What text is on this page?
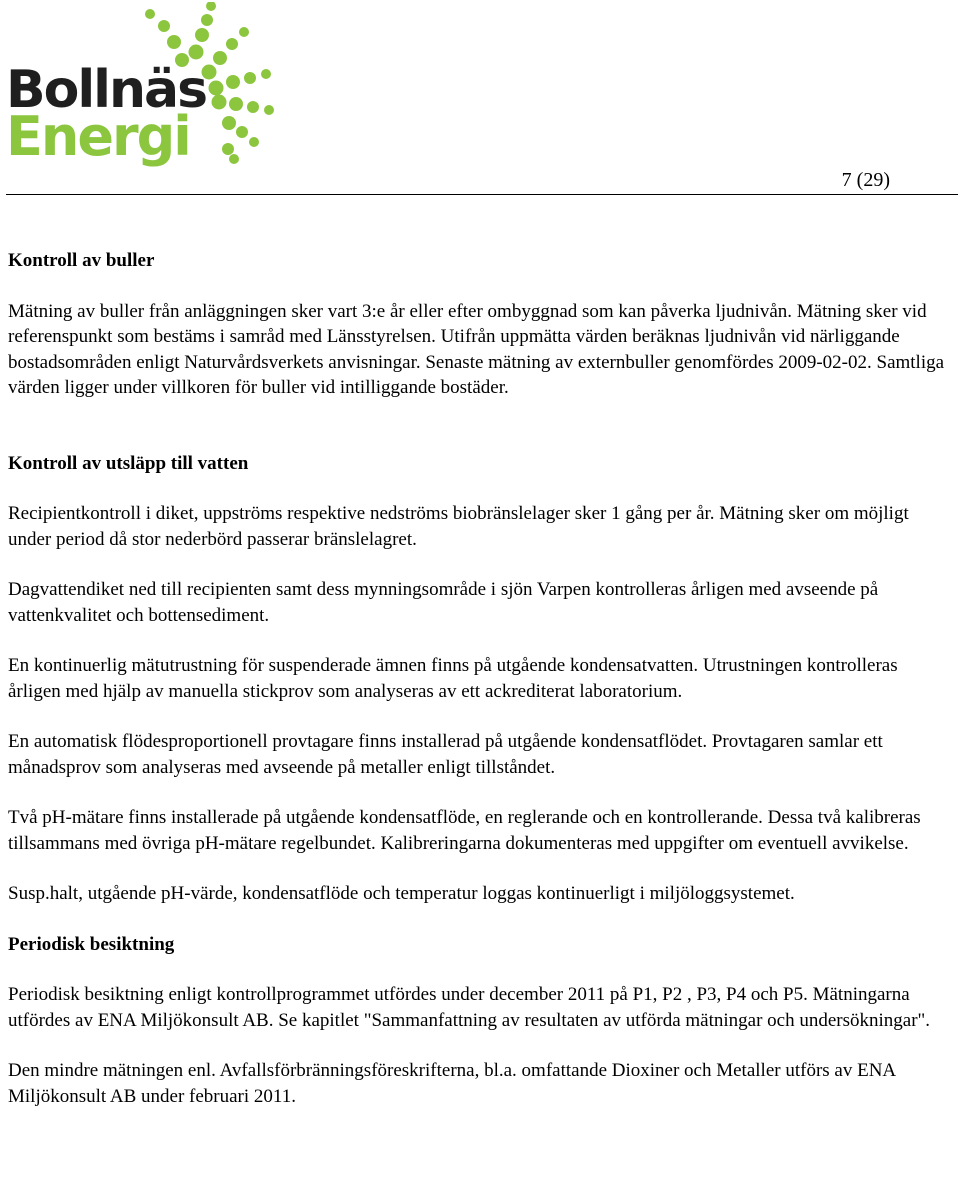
Bollnäs
Energi
7 (29)
Kontroll av buller

Mätning av buller från anläggningen sker vart 3:e år eller efter ombyggnad som kan påverka ljudnivån. Mätning sker vid referenspunkt som bestäms i samråd med Länsstyrelsen. Utifrån uppmätta värden beräknas ljudnivån vid närliggande bostadsområden enligt Naturvårdsverkets anvisningar. Senaste mätning av externbuller genomfördes 2009-02-02. Samtliga värden ligger under villkoren för buller vid intilliggande bostäder.

Kontroll av utsläpp till vatten

Recipientkontroll i diket, uppströms respektive nedströms biobränslelager sker 1 gång per år. Mätning sker om möjligt under period då stor nederbörd passerar bränslelagret.

Dagvattendiket ned till recipienten samt dess mynningsområde i sjön Varpen kontrolleras årligen med avseende på vattenkvalitet och bottensediment.

En kontinuerlig mätutrustning för suspenderade ämnen finns på utgående kondensatvatten. Utrustningen kontrolleras årligen med hjälp av manuella stickprov som analyseras av ett ackrediterat laboratorium.

En automatisk flödesproportionell provtagare finns installerad på utgående kondensatflödet. Provtagaren samlar ett månadsprov som analyseras med avseende på metaller enligt tillståndet.

Två pH-mätare finns installerade på utgående kondensatflöde, en reglerande och en kontrollerande. Dessa två kalibreras tillsammans med övriga pH-mätare regelbundet. Kalibreringarna dokumenteras med uppgifter om eventuell avvikelse.

Susp.halt, utgående pH-värde, kondensatflöde och temperatur loggas kontinuerligt i miljöloggsystemet.

Periodisk besiktning

Periodisk besiktning enligt kontrollprogrammet utfördes under december 2011 på P1, P2 , P3, P4 och P5. Mätningarna utfördes av ENA Miljökonsult AB. Se kapitlet "Sammanfattning av resultaten av utförda mätningar och undersökningar".

Den mindre mätningen enl. Avfallsförbränningsföreskrifterna, bl.a. omfattande Dioxiner och Metaller utförs av ENA Miljökonsult AB under februari 2011.
